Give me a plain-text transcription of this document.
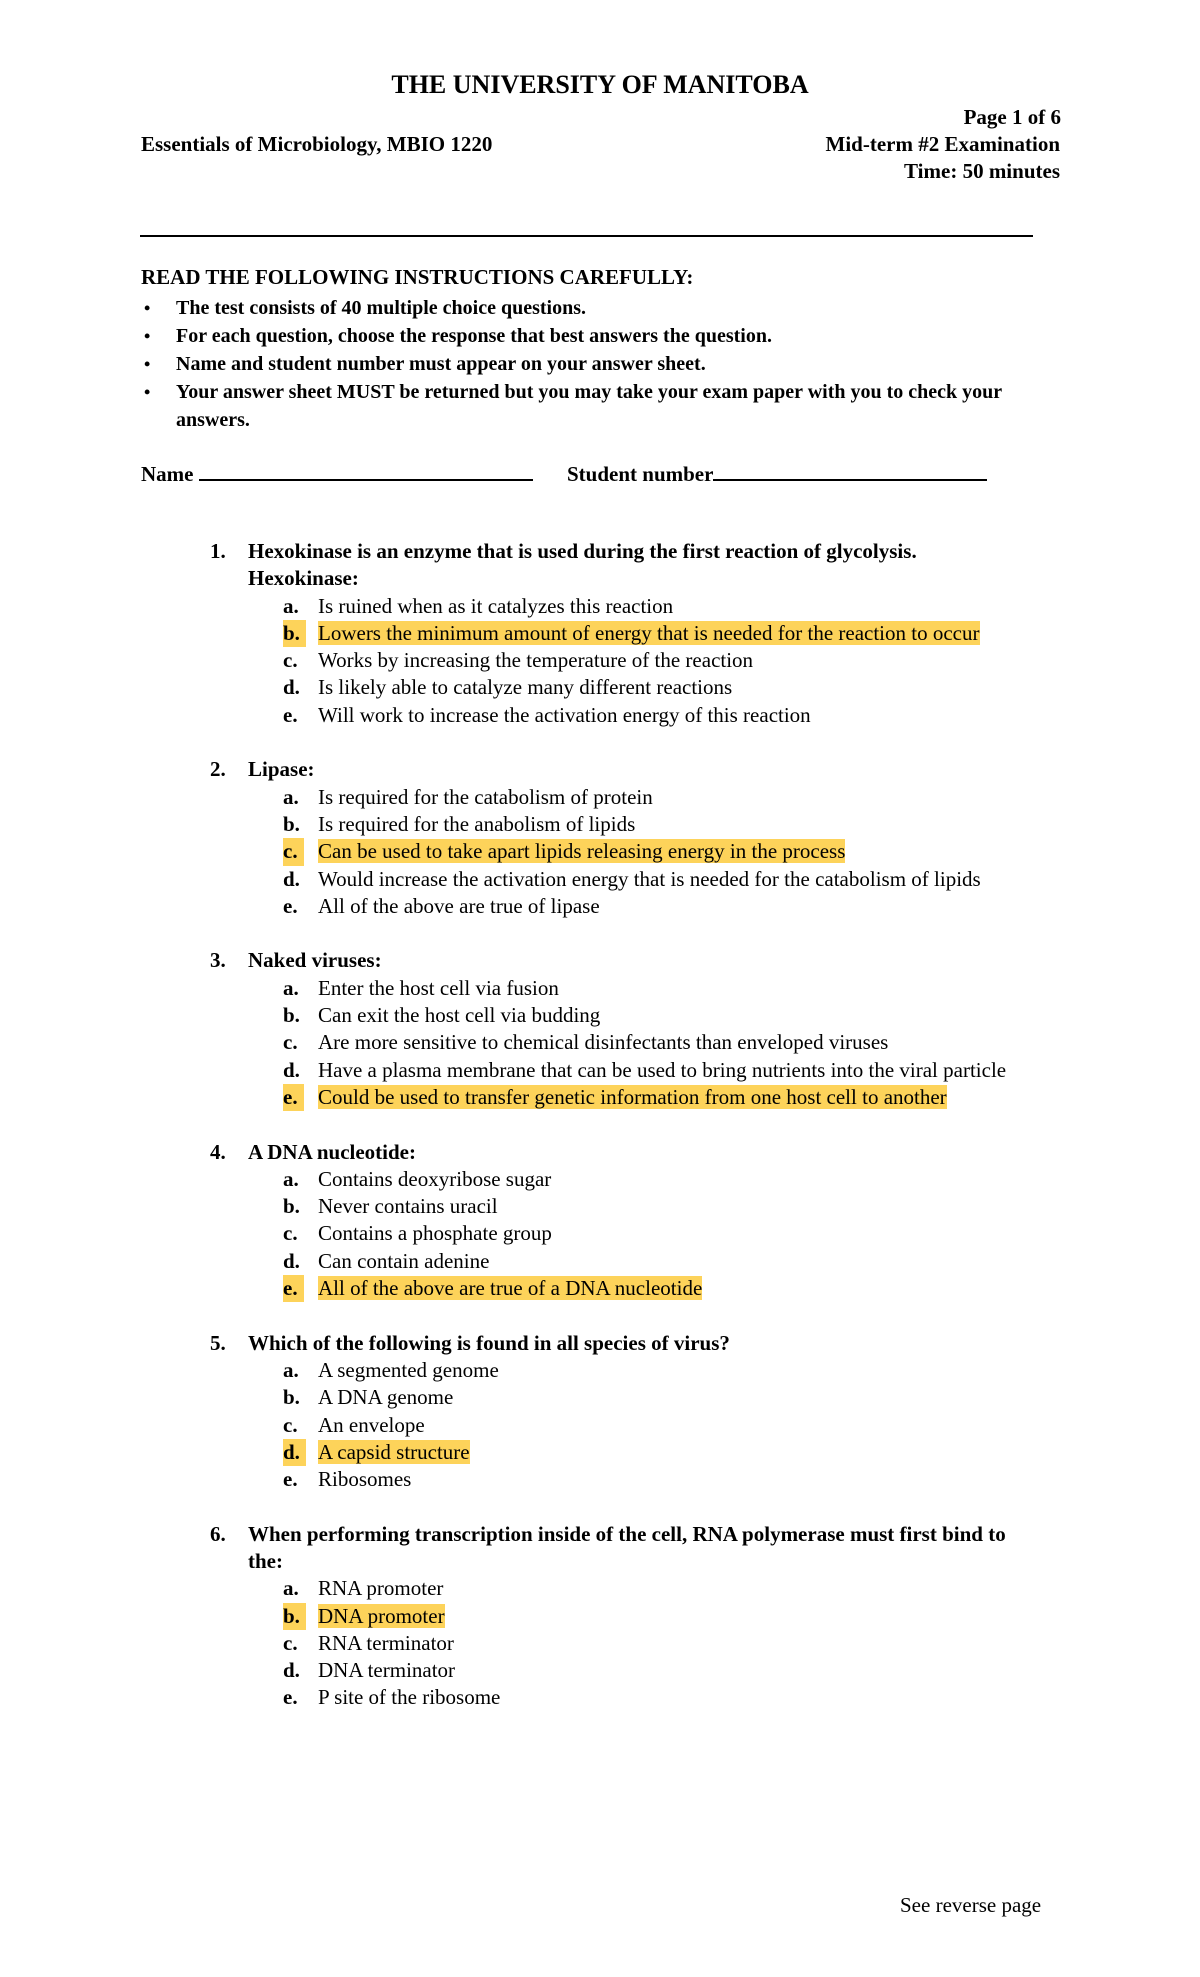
THE UNIVERSITY OF MANITOBA
Page 1 of 6
Essentials of Microbiology, MBIO 1220	Mid-term #2 Examination
Time: 50 minutes
READ THE FOLLOWING INSTRUCTIONS CAREFULLY:
• The test consists of 40 multiple choice questions.
• For each question, choose the response that best answers the question.
• Name and student number must appear on your answer sheet.
• Your answer sheet MUST be returned but you may take your exam paper with you to check your answers.
Name	Student number
1. Hexokinase is an enzyme that is used during the first reaction of glycolysis. Hexokinase:
a. Is ruined when as it catalyzes this reaction
b. Lowers the minimum amount of energy that is needed for the reaction to occur
c. Works by increasing the temperature of the reaction
d. Is likely able to catalyze many different reactions
e. Will work to increase the activation energy of this reaction
2. Lipase:
a. Is required for the catabolism of protein
b. Is required for the anabolism of lipids
c. Can be used to take apart lipids releasing energy in the process
d. Would increase the activation energy that is needed for the catabolism of lipids
e. All of the above are true of lipase
3. Naked viruses:
a. Enter the host cell via fusion
b. Can exit the host cell via budding
c. Are more sensitive to chemical disinfectants than enveloped viruses
d. Have a plasma membrane that can be used to bring nutrients into the viral particle
e. Could be used to transfer genetic information from one host cell to another
4. A DNA nucleotide:
a. Contains deoxyribose sugar
b. Never contains uracil
c. Contains a phosphate group
d. Can contain adenine
e. All of the above are true of a DNA nucleotide
5. Which of the following is found in all species of virus?
a. A segmented genome
b. A DNA genome
c. An envelope
d. A capsid structure
e. Ribosomes
6. When performing transcription inside of the cell, RNA polymerase must first bind to the:
a. RNA promoter
b. DNA promoter
c. RNA terminator
d. DNA terminator
e. P site of the ribosome
See reverse page
